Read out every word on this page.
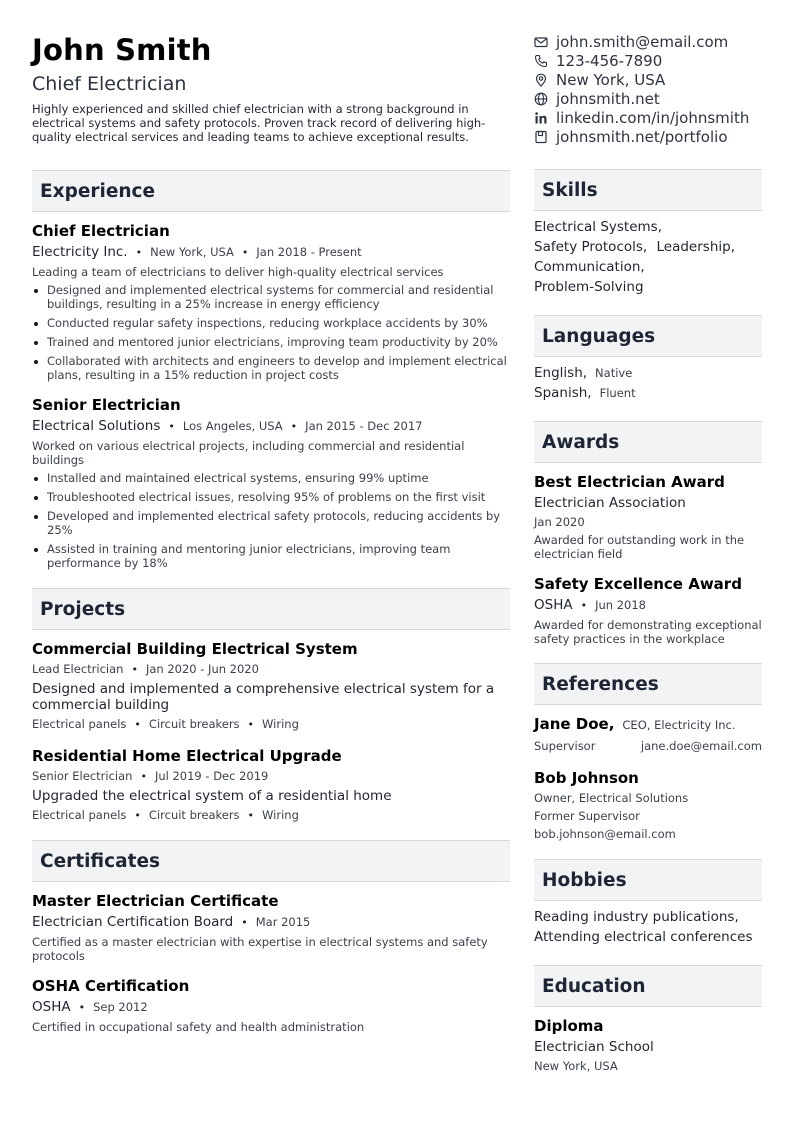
John Smith
Chief Electrician

Highly experienced and skilled chief electrician with a strong background in electrical systems and safety protocols. Proven track record of delivering high-quality electrical services and leading teams to achieve exceptional results.

Experience
Chief Electrician
Electricity Inc. • New York, USA • Jan 2018 - Present
Leading a team of electricians to deliver high-quality electrical services
Designed and implemented electrical systems for commercial and residential buildings, resulting in a 25% increase in energy efficiency
Conducted regular safety inspections, reducing workplace accidents by 30%
Trained and mentored junior electricians, improving team productivity by 20%
Collaborated with architects and engineers to develop and implement electrical plans, resulting in a 15% reduction in project costs
Senior Electrician
Electrical Solutions • Los Angeles, USA • Jan 2015 - Dec 2017
Worked on various electrical projects, including commercial and residential buildings
Installed and maintained electrical systems, ensuring 99% uptime
Troubleshooted electrical issues, resolving 95% of problems on the first visit
Developed and implemented electrical safety protocols, reducing accidents by 25%
Assisted in training and mentoring junior electricians, improving team performance by 18%
Projects
Commercial Building Electrical System
Lead Electrician • Jan 2020 - Jun 2020
Designed and implemented a comprehensive electrical system for a commercial building
Electrical panels • Circuit breakers • Wiring
Residential Home Electrical Upgrade
Senior Electrician • Jul 2019 - Dec 2019
Upgraded the electrical system of a residential home
Electrical panels • Circuit breakers • Wiring
Certificates
Master Electrician Certificate
Electrician Certification Board • Mar 2015
Certified as a master electrician with expertise in electrical systems and safety protocols
OSHA Certification
OSHA • Sep 2012
Certified in occupational safety and health administration
john.smith@email.com
123-456-7890
New York, USA
johnsmith.net
linkedin.com/in/johnsmith
johnsmith.net/portfolio
Skills
Electrical Systems,
Safety Protocols, Leadership,
Communication,
Problem-Solving
Languages
English, Native
Spanish, Fluent
Awards
Best Electrician Award
Electrician Association
Jan 2020
Awarded for outstanding work in the electrician field
Safety Excellence Award
OSHA • Jun 2018
Awarded for demonstrating exceptional safety practices in the workplace
References
Jane Doe, CEO, Electricity Inc.
Supervisor	jane.doe@email.com
Bob Johnson
Owner, Electrical Solutions
Former Supervisor
bob.johnson@email.com
Hobbies
Reading industry publications,
Attending electrical conferences
Education
Diploma
Electrician School
New York, USA
